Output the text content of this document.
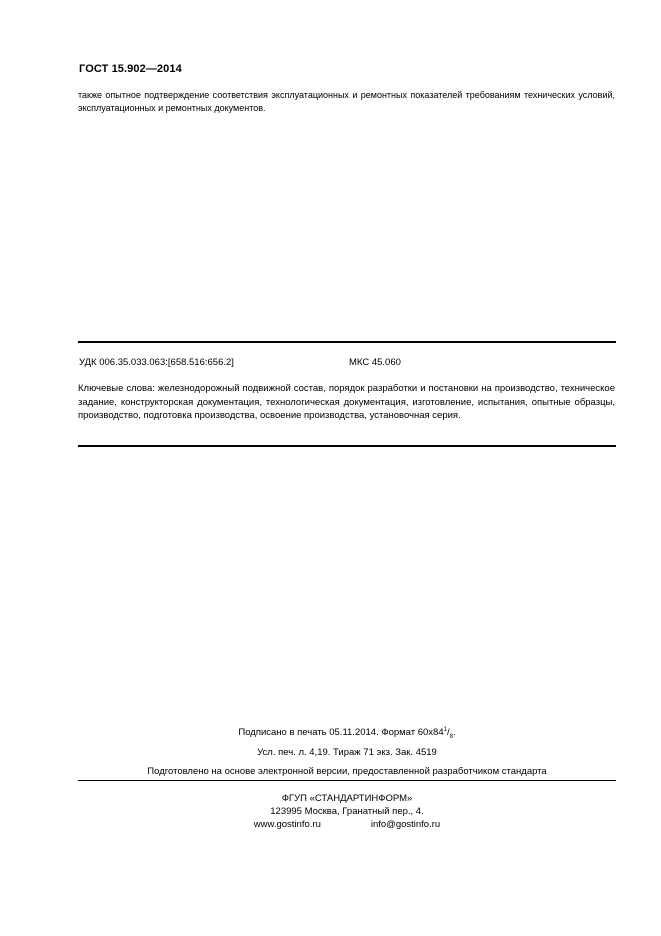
ГОСТ 15.902—2014
также опытное подтверждение соответствия эксплуатационных и ремонтных показателей требованиям технических условий, эксплуатационных и ремонтных документов.
УДК 006.35.033.063:[658.516:656.2]	МКС 45.060
Ключевые слова: железнодорожный подвижной состав, порядок разработки и постановки на производство, техническое задание, конструкторская документация, технологическая документация, изготовление, испытания, опытные образцы, производство, подготовка производства, освоение производства, установочная серия.
Подписано в печать 05.11.2014. Формат $60x84^1/_8$.
Усл. печ. л. 4,19. Тираж 71 экз. Зак. 4519
Подготовлено на основе электронной версии, предоставленной разработчиком стандарта
ФГУП «СТАНДАРТИНФОРМ»
123995 Москва, Гранатный пер., 4.
www.gostinfo.ru	info@gostinfo.ru
